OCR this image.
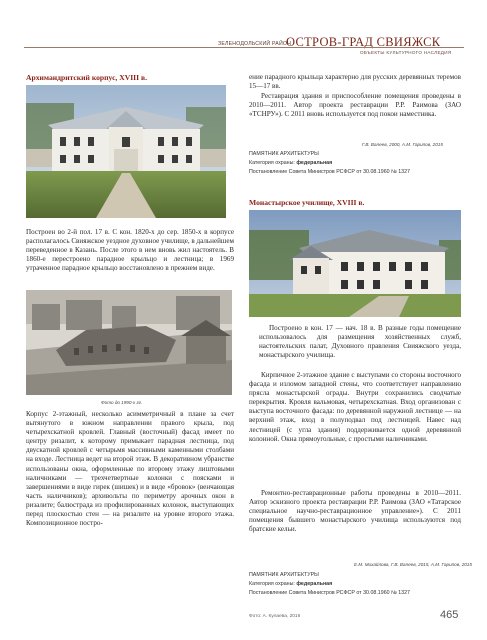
ЗЕЛЕНОДОЛЬСКИЙ РАЙОН
ОСТРОВ-ГРАД СВИЯЖСК
ОБЪЕКТЫ КУЛЬТУРНОГО НАСЛЕДИЯ
Архимандритский корпус, XVIII в.
Построен во 2-й пол. 17 в. С кон. 1820-х до сер. 1850-х в корпусе располагалось Свияжское уездное духовное училище, в дальнейшем переведенное в Казань. После этого в нем вновь жил настоятель. В 1860-е перестроено парадное крыльцо и лестница; в 1969 утраченное парадное крыльцо восстановлено в прежнем виде.
Фото до 1990-х гг.
Корпус 2-этажный, несколько асимметричный в плане за счет вытянутого в южном направлении правого крыла, под четырехскатной кровлей. Главный (восточный) фасад имеет по центру ризалит, к которому примыкает парадная лестница, под двускатной кровлей с четырьмя массивными каменными столбами на входе. Лестница ведет на второй этаж. В декоративном убранстве использованы окна, оформленные по второму этажу лиштовыми наличниками — трехчетвертные колонки с поясками и завершениями в виде гирек (шишек) и в виде «бровок» (венчающая часть наличников); архивольты по периметру арочных окон в ризалите; балюстрада из профилированных колонок, выступающих перед плоскостью стен — на ризалите на уровне второго этажа. Композиционное постро-
ение парадного крыльца характерно для русских деревянных теремов 15—17 вв.
Реставрация здания и приспособление помещения проведены в 2010—2011. Автор проекта реставрации Р.Р. Раимова (ЗАО «ТСНРУ»). С 2011 вновь используется под покои наместника.
Г.В. Валеев, 2000, А.М. Гарипов, 2015
ПАМЯТНИК АРХИТЕКТУРЫ
Категория охраны: федеральная
Постановление Совета Министров РСФСР от 30.08.1960 № 1327
Монастырское училище, XVIII в.
Построено в кон. 17 — нач. 18 в. В разные годы помещение использовалось для размещения хозяйственных служб, настоятельских палат, Духовного правления Свияжского уезда, монастырского училища.
Кирпичное 2-этажное здание с выступами со стороны восточного фасада и изломом западной стены, что соответствует направлению прясла монастырской ограды. Внутри сохранились сводчатые перекрытия. Кровля вальмовая, четырехскатная. Вход организован с выступа восточного фасада: по деревянной наружной лестнице — на верхний этаж, вход в полуподвал под лестницей. Навес над лестницей (с угла здания) поддерживается одной деревянной колонной. Окна прямоугольные, с простыми наличниками.
Ремонтно-реставрационные работы проведены в 2010—2011. Автор эскизного проекта реставрации Р.Р. Раимова (ЗАО «Татарское специальное научно-реставрационное управление»). С 2011 помещения бывшего монастырского училища используются под братские кельи.
Е.М. Михайлова, Г.В. Валеев, 2015, А.М. Гарипов, 2015
ПАМЯТНИК АРХИТЕКТУРЫ
Категория охраны: федеральная
Постановление Совета Министров РСФСР от 30.08.1960 № 1327
Фото: А. Кулаева, 2016	465
